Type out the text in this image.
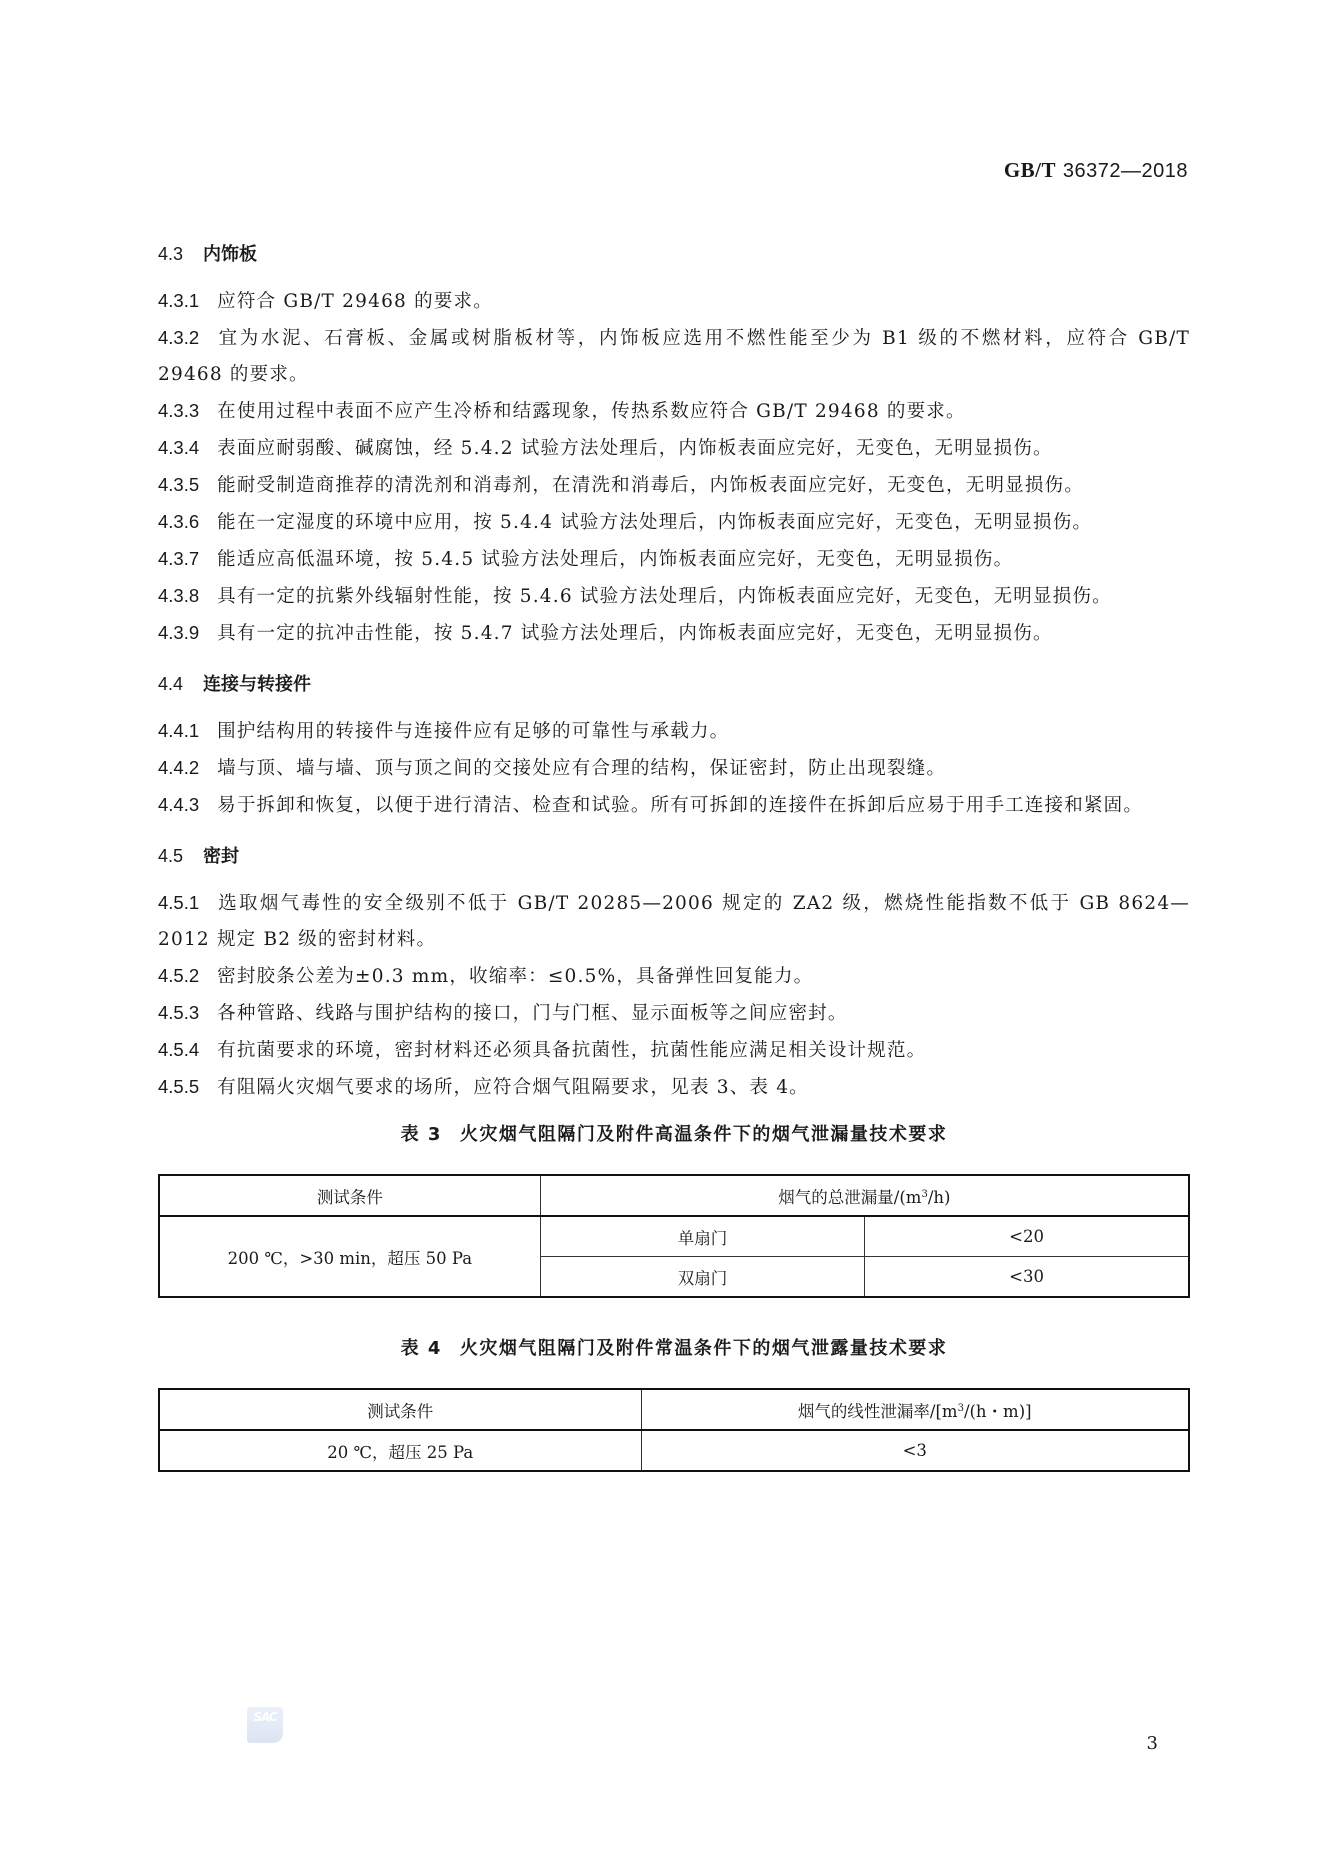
GB/T 36372—2018
4.3 内饰板

4.3.1 应符合 GB/T 29468 的要求。

4.3.2 宜为水泥、石膏板、金属或树脂板材等，内饰板应选用不燃性能至少为 B1 级的不燃材料，应符合 GB/T 29468 的要求。

4.3.3 在使用过程中表面不应产生冷桥和结露现象，传热系数应符合 GB/T 29468 的要求。

4.3.4 表面应耐弱酸、碱腐蚀，经 5.4.2 试验方法处理后，内饰板表面应完好，无变色，无明显损伤。

4.3.5 能耐受制造商推荐的清洗剂和消毒剂，在清洗和消毒后，内饰板表面应完好，无变色，无明显损伤。

4.3.6 能在一定湿度的环境中应用，按 5.4.4 试验方法处理后，内饰板表面应完好，无变色，无明显损伤。

4.3.7 能适应高低温环境，按 5.4.5 试验方法处理后，内饰板表面应完好，无变色，无明显损伤。

4.3.8 具有一定的抗紫外线辐射性能，按 5.4.6 试验方法处理后，内饰板表面应完好，无变色，无明显损伤。

4.3.9 具有一定的抗冲击性能，按 5.4.7 试验方法处理后，内饰板表面应完好，无变色，无明显损伤。

4.4 连接与转接件

4.4.1 围护结构用的转接件与连接件应有足够的可靠性与承载力。

4.4.2 墙与顶、墙与墙、顶与顶之间的交接处应有合理的结构，保证密封，防止出现裂缝。

4.4.3 易于拆卸和恢复，以便于进行清洁、检查和试验。所有可拆卸的连接件在拆卸后应易于用手工连接和紧固。

4.5 密封

4.5.1 选取烟气毒性的安全级别不低于 GB/T 20285—2006 规定的 ZA2 级，燃烧性能指数不低于 GB 8624—2012 规定 B2 级的密封材料。

4.5.2 密封胶条公差为±0.3 mm，收缩率：≤0.5%，具备弹性回复能力。

4.5.3 各种管路、线路与围护结构的接口，门与门框、显示面板等之间应密封。

4.5.4 有抗菌要求的环境，密封材料还必须具备抗菌性，抗菌性能应满足相关设计规范。

4.5.5 有阻隔火灾烟气要求的场所，应符合烟气阻隔要求，见表 3、表 4。

表 3 火灾烟气阻隔门及附件高温条件下的烟气泄漏量技术要求
测试条件	烟气的总泄漏量$/(m^3/h)$	
200 ℃，>30 min，超压 50 Pa	单扇门	<20
	双扇门	<30
表 4 火灾烟气阻隔门及附件常温条件下的烟气泄露量技术要求
测试条件	烟气的线性泄漏率$/[m^3/(h$・m)]
20 ℃，超压 25 Pa	<3
SAC
3
